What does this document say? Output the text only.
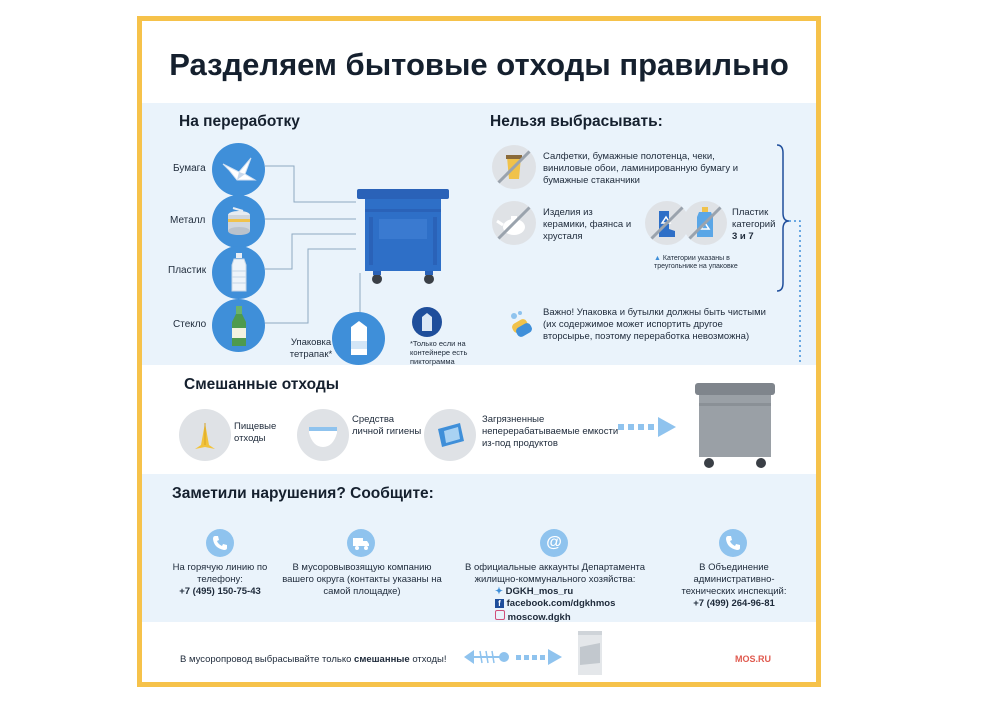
Разделяем бытовые отходы правильно
На переработку
Бумага
Металл
Пластик
Стекло
Упаковка тетрапак*
*Только если на контейнере есть пиктограмма
Нельзя выбрасывать:
Салфетки, бумажные полотенца, чеки, виниловые обои, ламинированную бумагу и бумажные стаканчики
Изделия из керамики, фаянса и хрусталя
Пластик категорий
3 и 7
▲ Категории указаны в треугольнике на упаковке
Важно! Упаковка и бутылки должны быть чистыми (их содержимое может испортить другое вторсырье, поэтому переработка невозможна)
Смешанные отходы
Пищевые отходы
Средства личной гигиены
Загрязненные неперерабатываемые емкости из-под продуктов
Заметили нарушения? Сообщите:
На горячую линию по телефону:
+7 (495) 150-75-43
В мусоровывозящую компанию вашего округа (контакты указаны на самой площадке)
@
В официальные аккаунты Департамента жилищно-коммунального хозяйства:
✦ DGKH_mos_ru
f facebook.com/dgkhmos
moscow.dgkh
В Объединение административно-технических инспекций:
+7 (499) 264-96-81
В мусоропровод выбрасывайте только смешанные отходы!	MOS.RU
